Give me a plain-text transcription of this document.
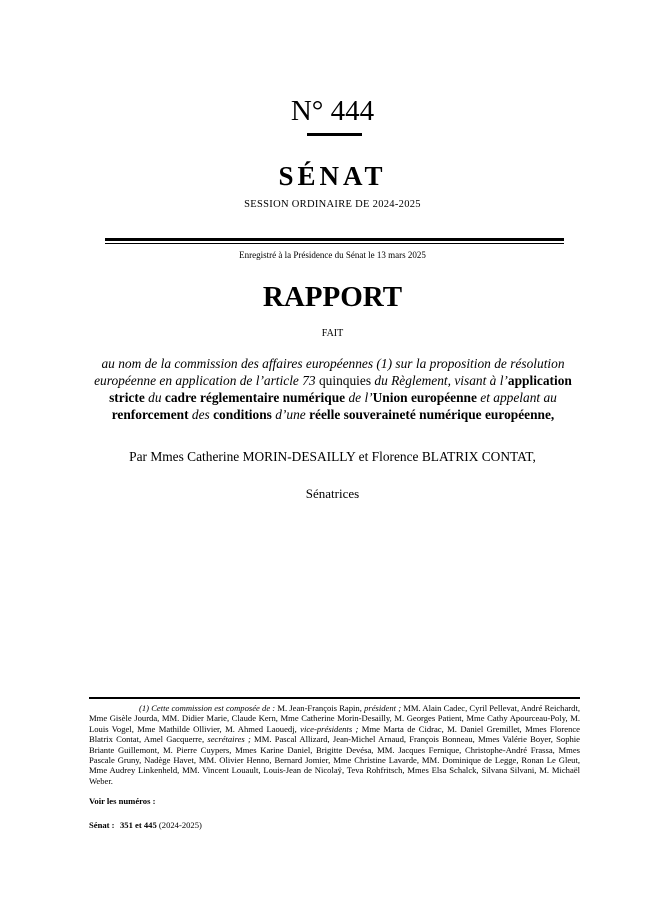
N° 444
SÉNAT
SESSION ORDINAIRE DE 2024-2025
Enregistré à la Présidence du Sénat le 13 mars 2025
RAPPORT
FAIT
au nom de la commission des affaires européennes (1) sur la proposition de résolution européenne en application de l’article 73 quinquies du Règlement, visant à l’application stricte du cadre réglementaire numérique de l’Union européenne et appelant au renforcement des conditions d’une réelle souveraineté numérique européenne,
Par Mmes Catherine MORIN-DESAILLY et Florence BLATRIX CONTAT,
Sénatrices
(1) Cette commission est composée de : M. Jean-François Rapin, président ; MM. Alain Cadec, Cyril Pellevat, André Reichardt, Mme Gisèle Jourda, MM. Didier Marie, Claude Kern, Mme Catherine Morin-Desailly, M. Georges Patient, Mme Cathy Apourceau-Poly, M. Louis Vogel, Mme Mathilde Ollivier, M. Ahmed Laouedj, vice-présidents ; Mme Marta de Cidrac, M. Daniel Gremillet, Mmes Florence Blatrix Contat, Amel Gacquerre, secrétaires ; MM. Pascal Allizard, Jean-Michel Arnaud, François Bonneau, Mmes Valérie Boyer, Sophie Briante Guillemont, M. Pierre Cuypers, Mmes Karine Daniel, Brigitte Devésa, MM. Jacques Fernique, Christophe-André Frassa, Mmes Pascale Gruny, Nadège Havet, MM. Olivier Henno, Bernard Jomier, Mme Christine Lavarde, MM. Dominique de Legge, Ronan Le Gleut, Mme Audrey Linkenheld, MM. Vincent Louault, Louis-Jean de Nicolaÿ, Teva Rohfritsch, Mmes Elsa Schalck, Silvana Silvani, M. Michaël Weber.
Voir les numéros :
Sénat : 351 et 445 (2024-2025)
